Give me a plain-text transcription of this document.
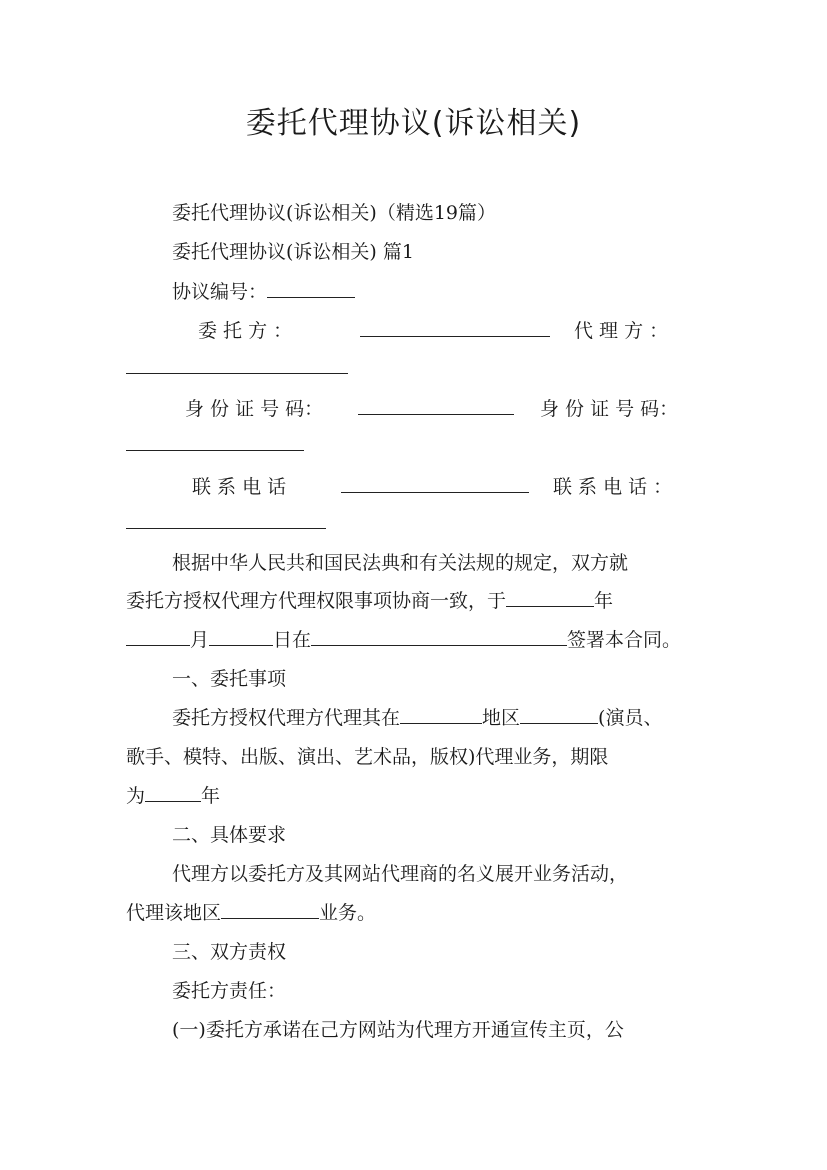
委托代理协议(诉讼相关)
委托代理协议(诉讼相关)（精选19篇）
委托代理协议(诉讼相关) 篇1
协议编号：
委 托 方 ：	代 理 方 ：
身 份 证 号 码：	身 份 证 号 码：
联 系 电 话	联 系 电 话 ：
根据中华人民共和国民法典和有关法规的规定，双方就
委托方授权代理方代理权限事项协商一致，于	年
月	日在	签署本合同。
一、委托事项
委托方授权代理方代理其在	地区	(演员、
歌手、模特、出版、演出、艺术品，版权)代理业务，期限
为	年
二、具体要求
代理方以委托方及其网站代理商的名义展开业务活动，
代理该地区	业务。
三、双方责权
委托方责任：
(一)委托方承诺在己方网站为代理方开通宣传主页，公
